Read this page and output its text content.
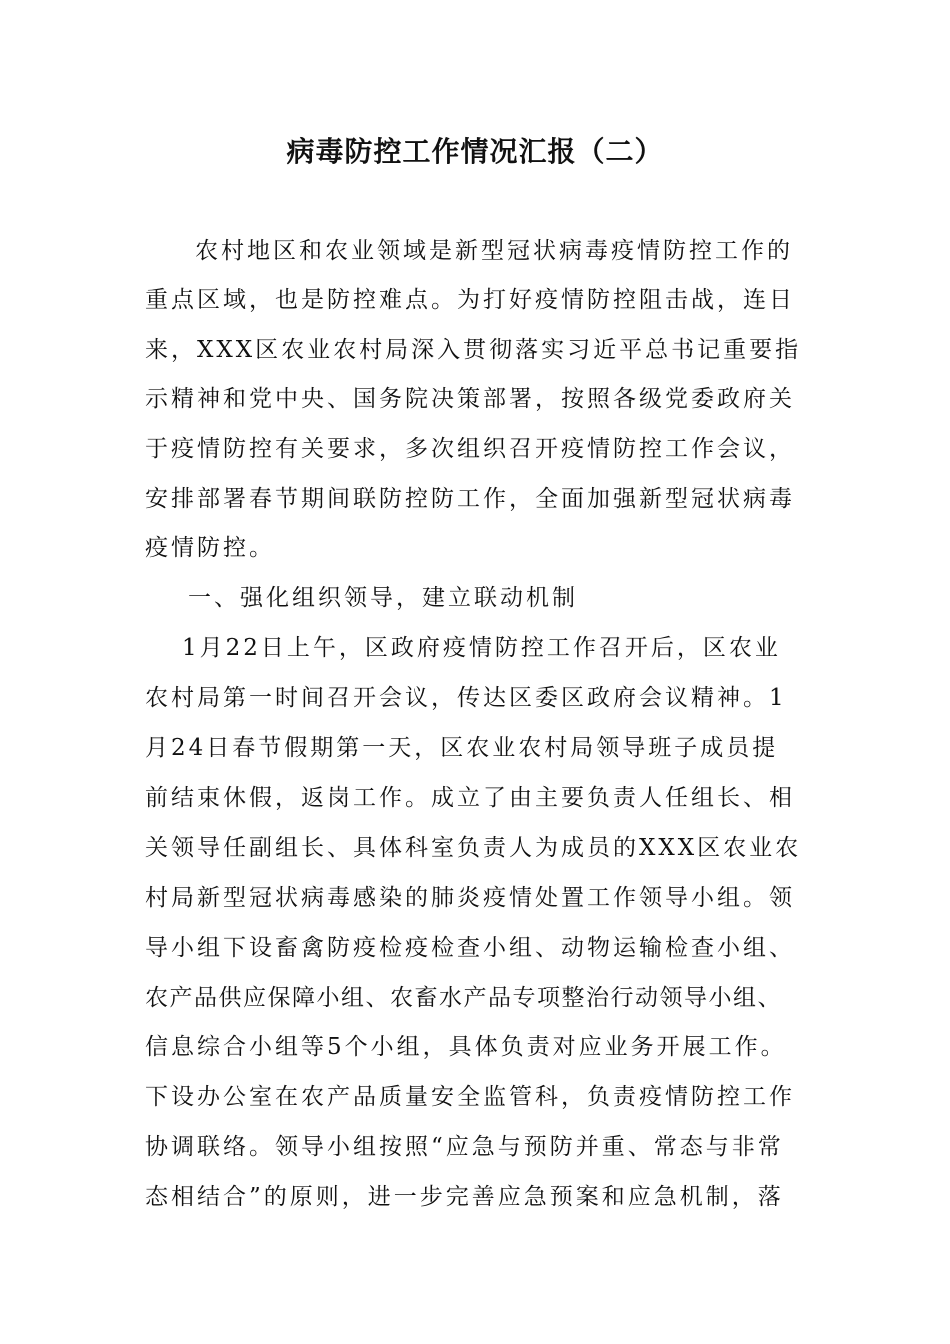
病毒防控工作情况汇报（二）
农村地区和农业领域是新型冠状病毒疫情防控工作的
重点区域，也是防控难点。为打好疫情防控阻击战，连日
来，XXX区农业农村局深入贯彻落实习近平总书记重要指
示精神和党中央、国务院决策部署，按照各级党委政府关
于疫情防控有关要求，多次组织召开疫情防控工作会议，
安排部署春节期间联防控防工作，全面加强新型冠状病毒
疫情防控。
一、强化组织领导，建立联动机制
1月22日上午，区政府疫情防控工作召开后，区农业
农村局第一时间召开会议，传达区委区政府会议精神。1
月24日春节假期第一天，区农业农村局领导班子成员提
前结束休假，返岗工作。成立了由主要负责人任组长、相
关领导任副组长、具体科室负责人为成员的XXX区农业农
村局新型冠状病毒感染的肺炎疫情处置工作领导小组。领
导小组下设畜禽防疫检疫检查小组、动物运输检查小组、
农产品供应保障小组、农畜水产品专项整治行动领导小组、
信息综合小组等5个小组，具体负责对应业务开展工作。
下设办公室在农产品质量安全监管科，负责疫情防控工作
协调联络。领导小组按照“应急与预防并重、常态与非常
态相结合”的原则，进一步完善应急预案和应急机制，落
